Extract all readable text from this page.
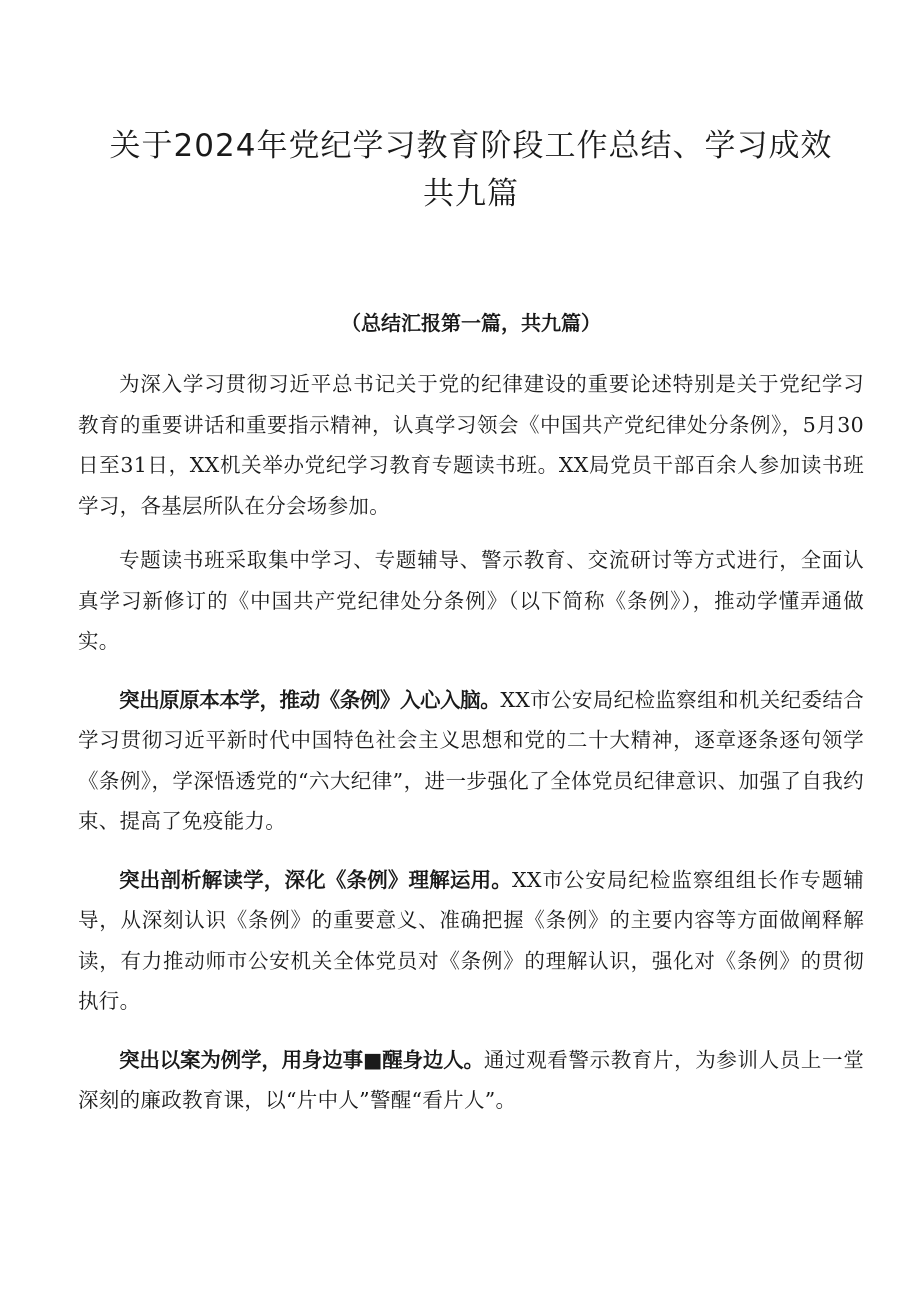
关于2024年党纪学习教育阶段工作总结、学习成效
共九篇
（总结汇报第一篇，共九篇）

为深入学习贯彻习近平总书记关于党的纪律建设的重要论述特别是关于党纪学习教育的重要讲话和重要指示精神，认真学习领会《中国共产党纪律处分条例》，5月30日至31日，XX机关举办党纪学习教育专题读书班。XX局党员干部百余人参加读书班学习，各基层所队在分会场参加。

专题读书班采取集中学习、专题辅导、警示教育、交流研讨等方式进行，全面认真学习新修订的《中国共产党纪律处分条例》（以下简称《条例》），推动学懂弄通做实。

突出原原本本学，推动《条例》入心入脑。XX市公安局纪检监察组和机关纪委结合学习贯彻习近平新时代中国特色社会主义思想和党的二十大精神，逐章逐条逐句领学《条例》，学深悟透党的“六大纪律”，进一步强化了全体党员纪律意识、加强了自我约束、提高了免疫能力。

突出剖析解读学，深化《条例》理解运用。XX市公安局纪检监察组组长作专题辅导，从深刻认识《条例》的重要意义、准确把握《条例》的主要内容等方面做阐释解读，有力推动师市公安机关全体党员对《条例》的理解认识，强化对《条例》的贯彻执行。

突出以案为例学，用身边事■醒身边人。通过观看警示教育片，为参训人员上一堂深刻的廉政教育课，以“片中人”警醒“看片人”。
